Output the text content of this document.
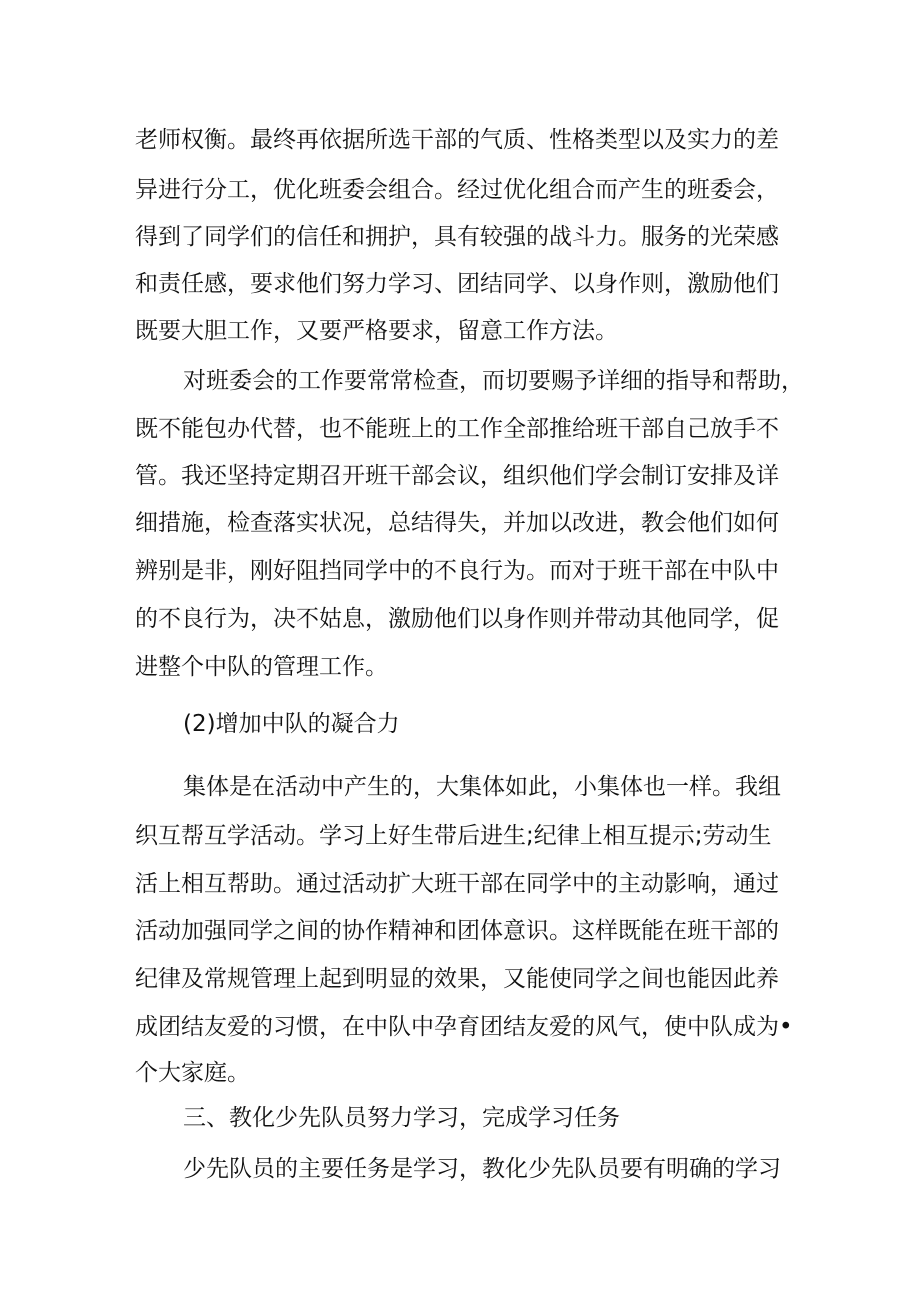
老师权衡。最终再依据所选干部的气质、性格类型以及实力的差

异进行分工，优化班委会组合。经过优化组合而产生的班委会，

得到了同学们的信任和拥护，具有较强的战斗力。服务的光荣感

和责任感，要求他们努力学习、团结同学、以身作则，激励他们

既要大胆工作，又要严格要求，留意工作方法。

对班委会的工作要常常检查，而切要赐予详细的指导和帮助，

既不能包办代替，也不能班上的工作全部推给班干部自己放手不

管。我还坚持定期召开班干部会议，组织他们学会制订安排及详

细措施，检查落实状况，总结得失，并加以改进，教会他们如何

辨别是非，刚好阻挡同学中的不良行为。而对于班干部在中队中

的不良行为，决不姑息，激励他们以身作则并带动其他同学，促

进整个中队的管理工作。

(2)增加中队的凝合力

集体是在活动中产生的，大集体如此，小集体也一样。我组

织互帮互学活动。学习上好生带后进生;纪律上相互提示;劳动生

活上相互帮助。通过活动扩大班干部在同学中的主动影响，通过

活动加强同学之间的协作精神和团体意识。这样既能在班干部的

纪律及常规管理上起到明显的效果，又能使同学之间也能因此养

成团结友爱的习惯，在中队中孕育团结友爱的风气，使中队成为•

个大家庭。

三、教化少先队员努力学习，完成学习任务

少先队员的主要任务是学习，教化少先队员要有明确的学习
